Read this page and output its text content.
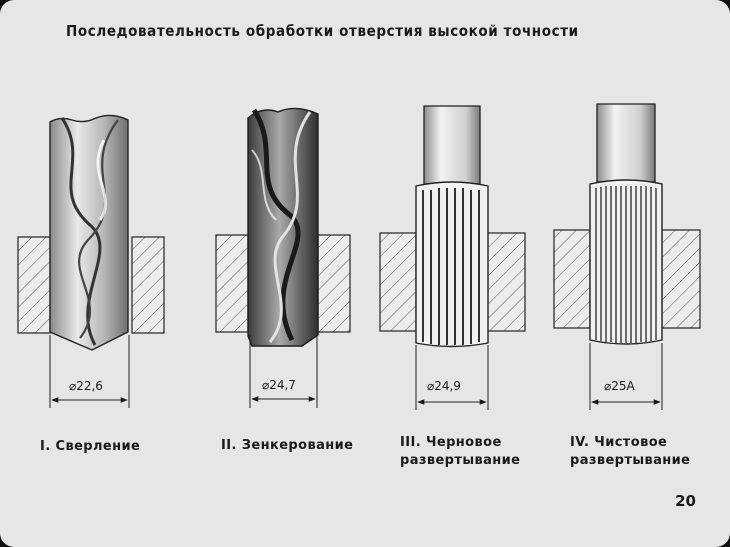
Последовательность обработки отверстия высокой точности
⌀22,6	⌀24,7	⌀24,9	⌀25А
I. Сверление	II. Зенкерование	III. Черновое
развертывание
IV. Чистовое
развертывание
20
